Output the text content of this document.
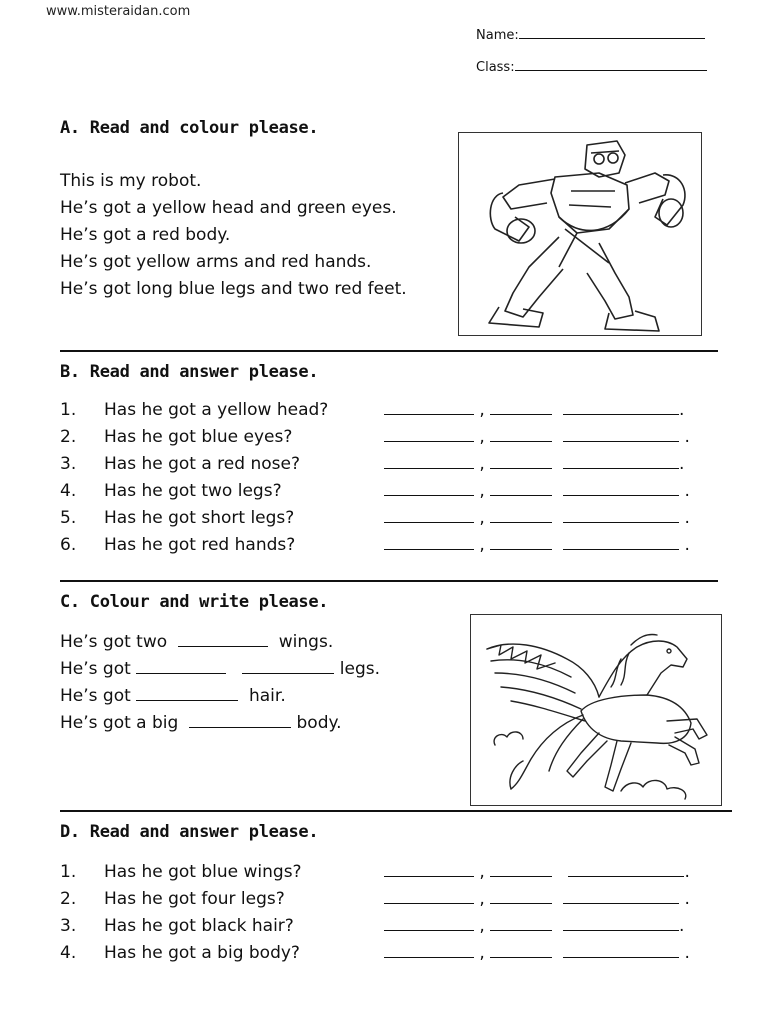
www.misteraidan.com
Name:
Class:
A. Read and colour please.
This is my robot.
He’s got a yellow head and green eyes.
He’s got a red body.
He’s got yellow arms and red hands.
He’s got long blue legs and two red feet.
B. Read and answer please.
1. Has he got a yellow head?	,	.
2. Has he got blue eyes?	,	.
3. Has he got a red nose?	,	.
4. Has he got two legs?	,	.
5. Has he got short legs?	,	.
6. Has he got red hands?	,	.
C. Colour and write please.
He’s got two	wings.
He’s got	legs.
He’s got	hair.
He’s got a big	body.
D. Read and answer please.
1. Has he got blue wings?	,	.
2. Has he got four legs?	,	.
3. Has he got black hair?	,	.
4. Has he got a big body?	,	.
